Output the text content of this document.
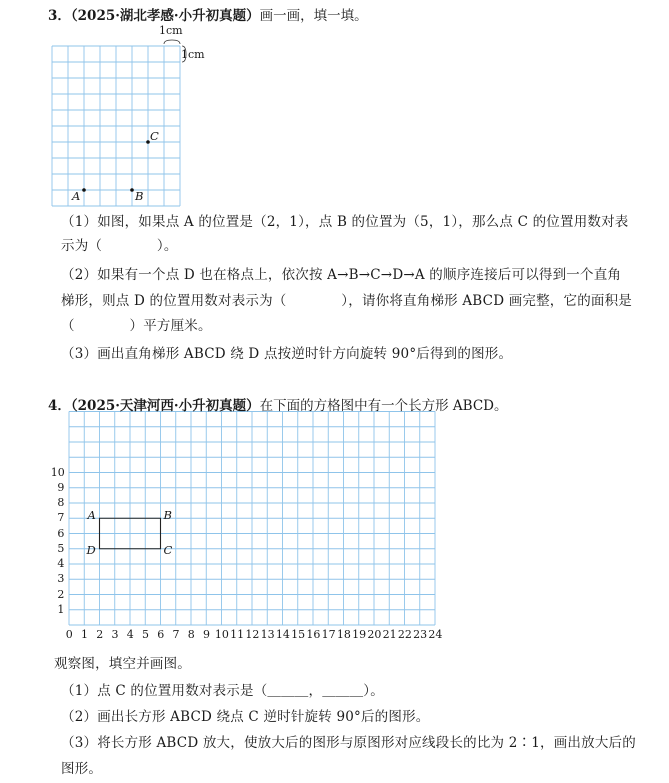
3．（2025·湖北孝感·小升初真题）画一画，填一填。
1cm
1cm
A	B
C
（1）如图，如果点 A 的位置是（2，1），点 B 的位置为（5，1），那么点 C 的位置用数对表
示为（　　　　）。
（2）如果有一个点 D 也在格点上，依次按 A→B→C→D→A 的顺序连接后可以得到一个直角
梯形，则点 D 的位置用数对表示为（　　　　），请你将直角梯形 ABCD 画完整，它的面积是
（　　　　）平方厘米。
（3）画出直角梯形 ABCD 绕 D 点按逆时针方向旋转 90°后得到的图形。
4．（2025·天津河西·小升初真题）在下面的方格图中有一个长方形 ABCD。
0 1 2 3 4 5 6 7 8 9 10 11 12 13 14 15 16 17 18 19 20 21 22 23 24
1
2
3
4
5
6
7
8
9
10
A	B
C
D
观察图，填空并画图。
（1）点 C 的位置用数对表示是（＿＿＿，＿＿＿）。
（2）画出长方形 ABCD 绕点 C 逆时针旋转 90°后的图形。
（3）将长方形 ABCD 放大，使放大后的图形与原图形对应线段长的比为 2∶1，画出放大后的
图形。
